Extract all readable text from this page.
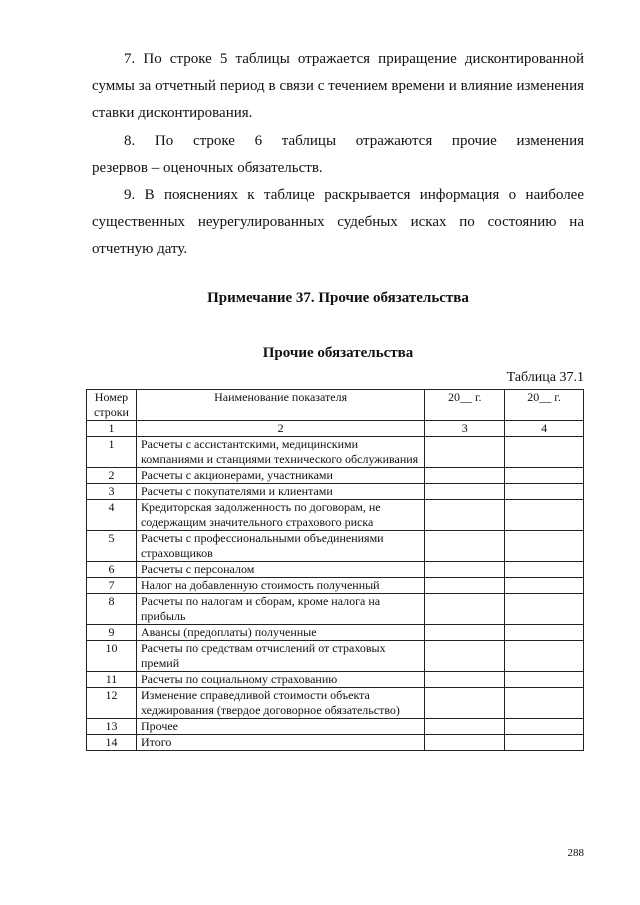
7. По строке 5 таблицы отражается приращение дисконтированной
суммы за отчетный период в связи с течением времени и влияние изменения
ставки дисконтирования.

8. По строке 6 таблицы отражаются прочие изменения
резервов – оценочных обязательств.

9. В пояснениях к таблице раскрывается информация о наиболее
существенных неурегулированных судебных исках по состоянию на
отчетную дату.

Примечание 37. Прочие обязательства
Прочие обязательства
Таблица 37.1
Номер строки	Наименование показателя	20__ г.	20__ г.
1	2	3	4
1	Расчеты с ассистантскими, медицинскими компаниями и станциями технического обслуживания		
2	Расчеты с акционерами, участниками		
3	Расчеты с покупателями и клиентами		
4	Кредиторская задолженность по договорам, не содержащим значительного страхового риска		
5	Расчеты с профессиональными объединениями страховщиков		
6	Расчеты с персоналом		
7	Налог на добавленную стоимость полученный		
8	Расчеты по налогам и сборам, кроме налога на прибыль		
9	Авансы (предоплаты) полученные		
10	Расчеты по средствам отчислений от страховых премий		
11	Расчеты по социальному страхованию		
12	Изменение справедливой стоимости объекта хеджирования (твердое договорное обязательство)		
13	Прочее		
14	Итого		
288
